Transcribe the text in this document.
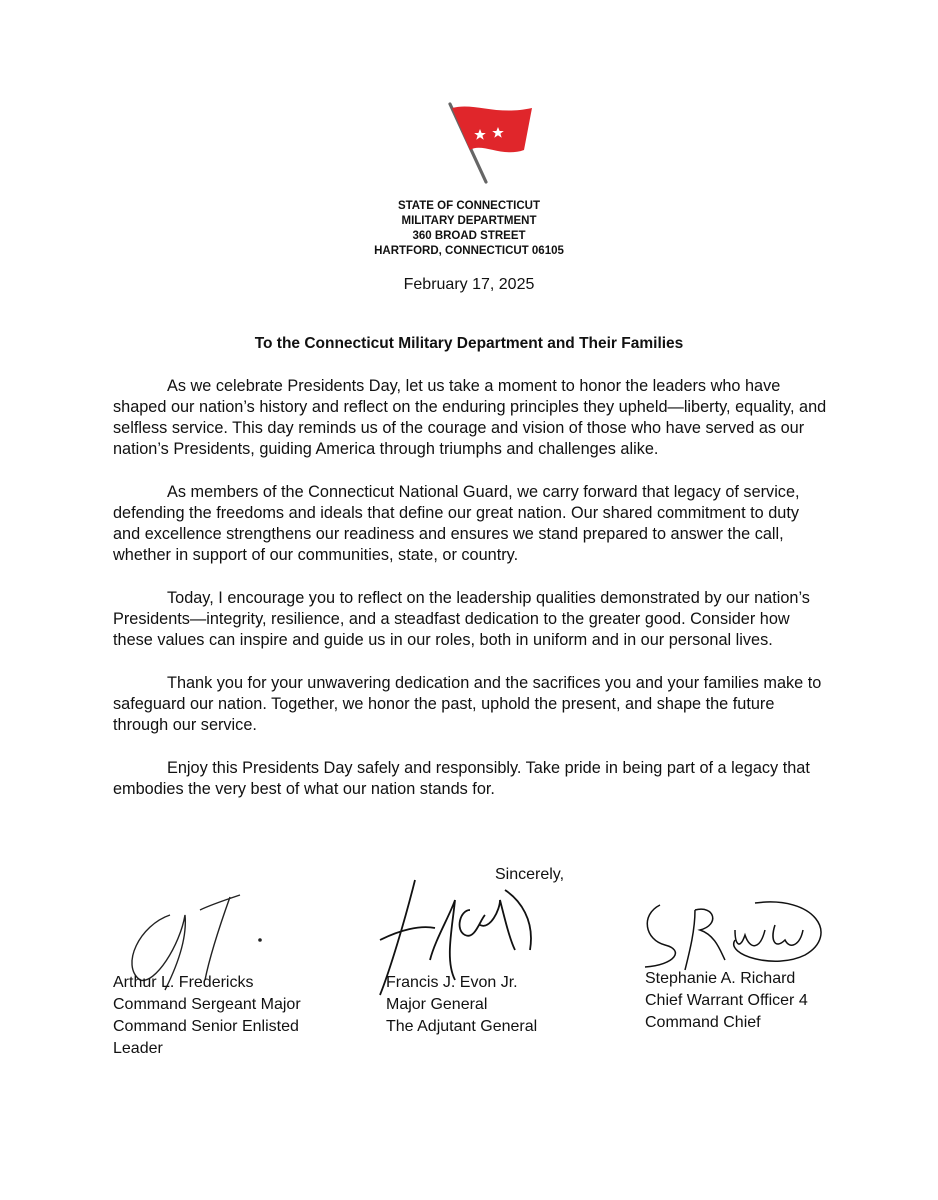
STATE OF CONNECTICUT
MILITARY DEPARTMENT
360 BROAD STREET
HARTFORD, CONNECTICUT 06105
February 17, 2025
To the Connecticut Military Department and Their Families

As we celebrate Presidents Day, let us take a moment to honor the leaders who have shaped our nation’s history and reflect on the enduring principles they upheld—liberty, equality, and selfless service. This day reminds us of the courage and vision of those who have served as our nation’s Presidents, guiding America through triumphs and challenges alike.

As members of the Connecticut National Guard, we carry forward that legacy of service, defending the freedoms and ideals that define our great nation. Our shared commitment to duty and excellence strengthens our readiness and ensures we stand prepared to answer the call, whether in support of our communities, state, or country.

Today, I encourage you to reflect on the leadership qualities demonstrated by our nation’s Presidents—integrity, resilience, and a steadfast dedication to the greater good. Consider how these values can inspire and guide us in our roles, both in uniform and in our personal lives.

Thank you for your unwavering dedication and the sacrifices you and your families make to safeguard our nation. Together, we honor the past, uphold the present, and shape the future through our service.

Enjoy this Presidents Day safely and responsibly. Take pride in being part of a legacy that embodies the very best of what our nation stands for.

Sincerely,
Arthur L. Fredericks
Command Sergeant Major
Command Senior Enlisted Leader
Francis J. Evon Jr.
Major General
The Adjutant General
Stephanie A. Richard
Chief Warrant Officer 4
Command Chief
